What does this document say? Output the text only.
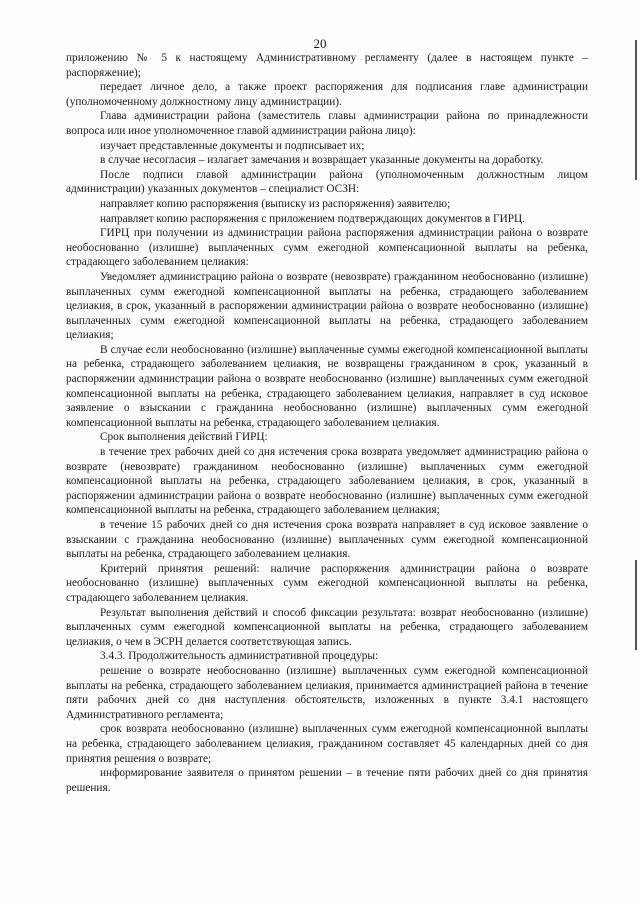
20

приложению № 5 к настоящему Административному регламенту (далее в настоящем пункте – распоряжение);

передает личное дело, а также проект распоряжения для подписания главе администрации (уполномоченному должностному лицу администрации).

Глава администрации района (заместитель главы администрации района по принадлежности вопроса или иное уполномоченное главой администрации района лицо):

изучает представленные документы и подписывает их;

в случае несогласия – излагает замечания и возвращает указанные документы на доработку.

После подписи главой администрации района (уполномоченным должностным лицом администрации) указанных документов – специалист ОСЗН:

направляет копию распоряжения (выписку из распоряжения) заявителю;

направляет копию распоряжения с приложением подтверждающих документов в ГИРЦ.

ГИРЦ при получении из администрации района распоряжения администрации района о возврате необоснованно (излишне) выплаченных сумм ежегодной компенсационной выплаты на ребенка, страдающего заболеванием целиакия:

Уведомляет администрацию района о возврате (невозврате) гражданином необоснованно (излишне) выплаченных сумм ежегодной компенсационной выплаты на ребенка, страдающего заболеванием целиакия, в срок, указанный в распоряжении администрации района о возврате необоснованно (излишне) выплаченных сумм ежегодной компенсационной выплаты на ребенка, страдающего заболеванием целиакия;

В случае если необоснованно (излишне) выплаченные суммы ежегодной компенсационной выплаты на ребенка, страдающего заболеванием целиакия, не возвращены гражданином в срок, указанный в распоряжении администрации района о возврате необоснованно (излишне) выплаченных сумм ежегодной компенсационной выплаты на ребенка, страдающего заболеванием целиакия, направляет в суд исковое заявление о взыскании с гражданина необоснованно (излишне) выплаченных сумм ежегодной компенсационной выплаты на ребенка, страдающего заболеванием целиакия.

Срок выполнения действий ГИРЦ:

в течение трех рабочих дней со дня истечения срока возврата уведомляет администрацию района о возврате (невозврате) гражданином необоснованно (излишне) выплаченных сумм ежегодной компенсационной выплаты на ребенка, страдающего заболеванием целиакия, в срок, указанный в распоряжении администрации района о возврате необоснованно (излишне) выплаченных сумм ежегодной компенсационной выплаты на ребенка, страдающего заболеванием целиакия;

в течение 15 рабочих дней со дня истечения срока возврата направляет в суд исковое заявление о взыскании с гражданина необоснованно (излишне) выплаченных сумм ежегодной компенсационной выплаты на ребенка, страдающего заболеванием целиакия.

Критерий принятия решений: наличие распоряжения администрации района о возврате необоснованно (излишне) выплаченных сумм ежегодной компенсационной выплаты на ребенка, страдающего заболеванием целиакия.

Результат выполнения действий и способ фиксации результата: возврат необоснованно (излишне) выплаченных сумм ежегодной компенсационной выплаты на ребенка, страдающего заболеванием целиакия, о чем в ЭСРН делается соответствующая запись.

3.4.3. Продолжительность административной процедуры:

решение о возврате необоснованно (излишне) выплаченных сумм ежегодной компенсационной выплаты на ребенка, страдающего заболеванием целиакия, принимается администрацией района в течение пяти рабочих дней со дня наступления обстоятельств, изложенных в пункте 3.4.1 настоящего Административного регламента;

срок возврата необоснованно (излишне) выплаченных сумм ежегодной компенсационной выплаты на ребенка, страдающего заболеванием целиакия, гражданином составляет 45 календарных дней со дня принятия решения о возврате;

информирование заявителя о принятом решении – в течение пяти рабочих дней со дня принятия решения.
